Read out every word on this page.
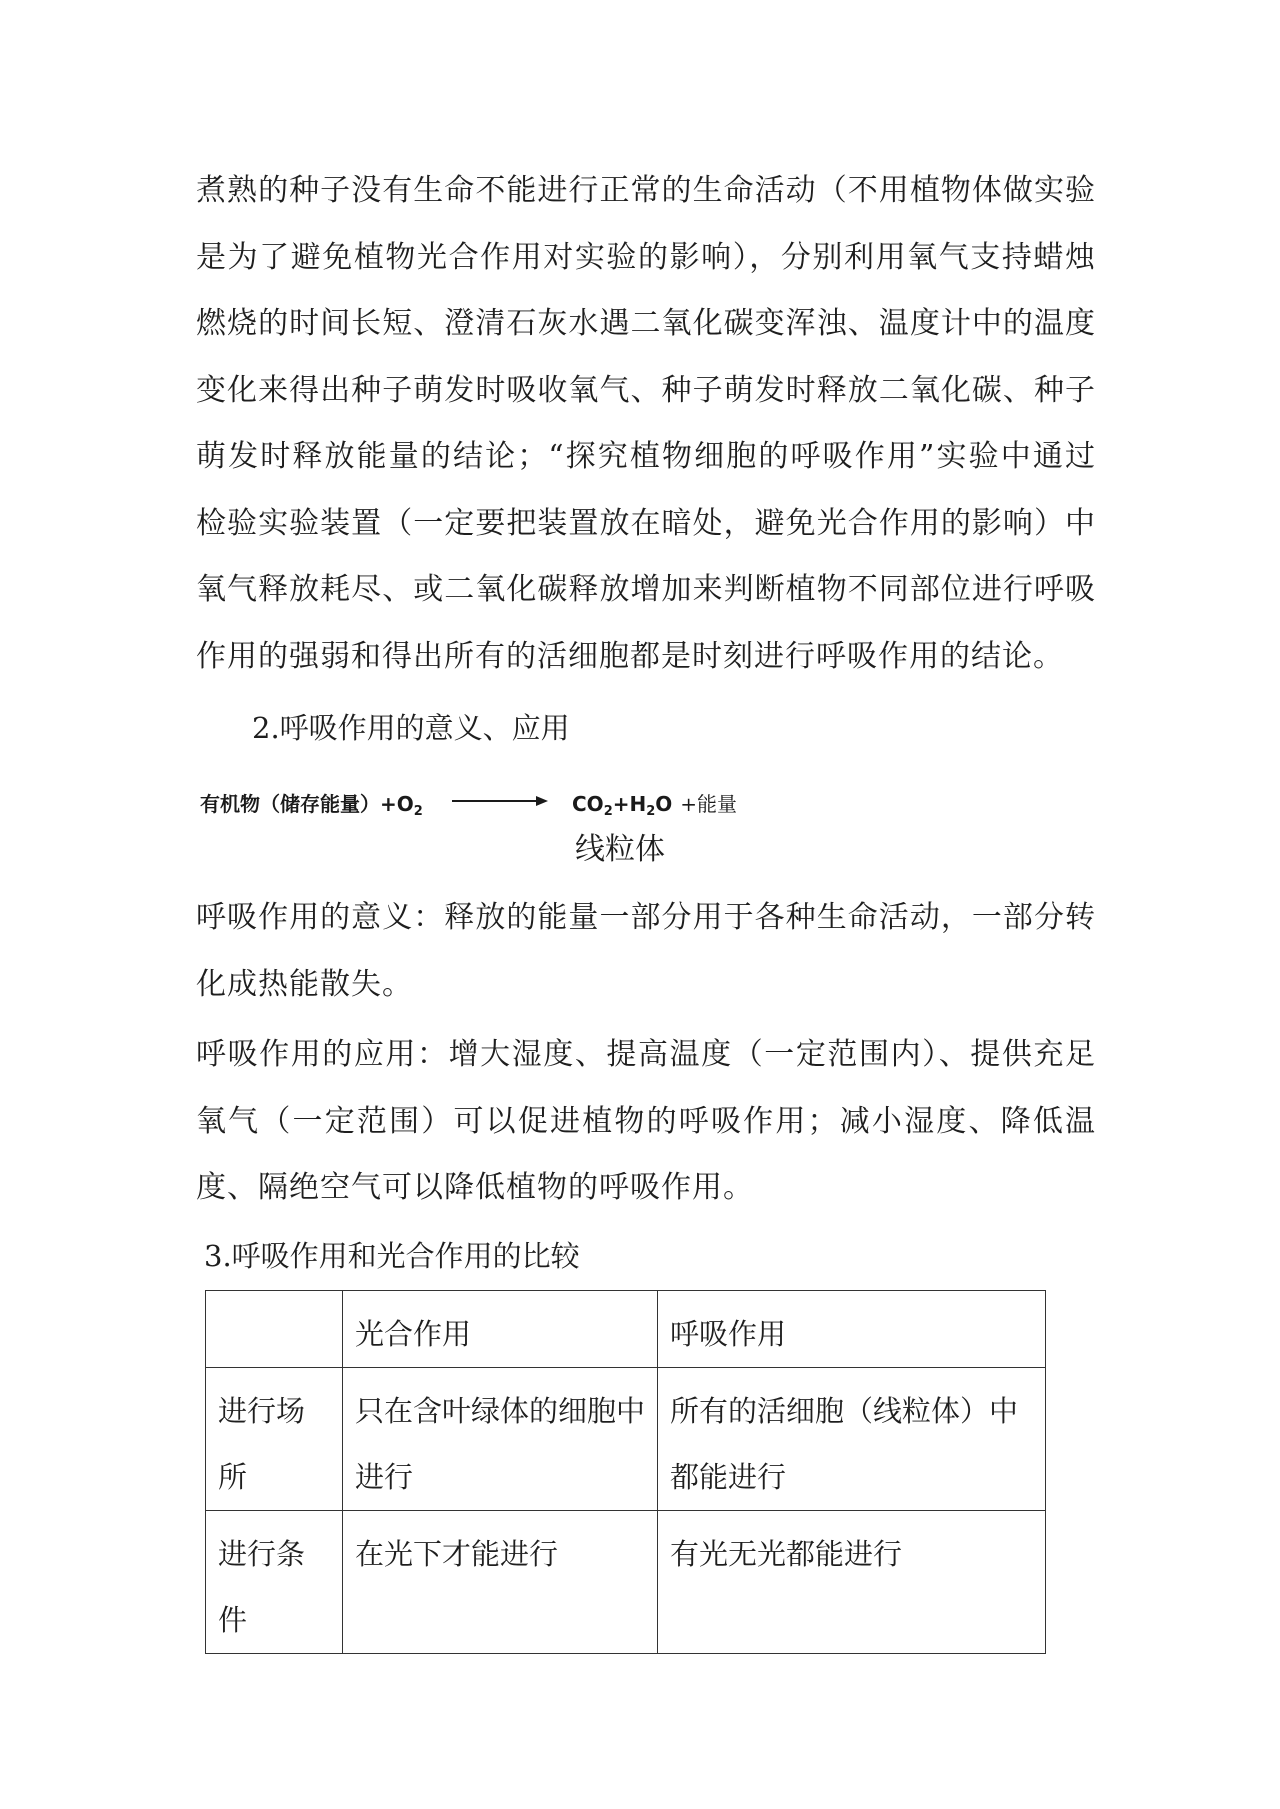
煮熟的种子没有生命不能进行正常的生命活动（不用植物体做实验是为了避免植物光合作用对实验的影响），分别利用氧气支持蜡烛燃烧的时间长短、澄清石灰水遇二氧化碳变浑浊、温度计中的温度变化来得出种子萌发时吸收氧气、种子萌发时释放二氧化碳、种子萌发时释放能量的结论；“探究植物细胞的呼吸作用”实验中通过检验实验装置（一定要把装置放在暗处，避免光合作用的影响）中氧气释放耗尽、或二氧化碳释放增加来判断植物不同部位进行呼吸作用的强弱和得出所有的活细胞都是时刻进行呼吸作用的结论。

2.呼吸作用的意义、应用

有机物（储存能量）$+O_2$	$CO_2+H_2O$ +能量
线粒体

呼吸作用的意义：释放的能量一部分用于各种生命活动，一部分转化成热能散失。

呼吸作用的应用：增大湿度、提高温度（一定范围内）、提供充足氧气（一定范围）可以促进植物的呼吸作用；减小湿度、降低温度、隔绝空气可以降低植物的呼吸作用。

3.呼吸作用和光合作用的比较

	光合作用	呼吸作用
进行场所	只在含叶绿体的细胞中进行	所有的活细胞（线粒体）中都能进行
进行条件	在光下才能进行	有光无光都能进行
